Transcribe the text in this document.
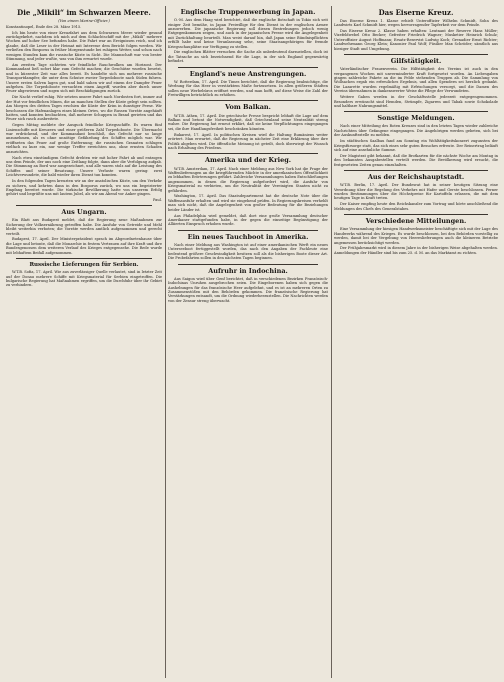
Die „Mikili“ im Schwarzen Meere.
(Von einem Marine-Offizier.)

Konstantinopel, Ende des 28. März 1915.

Ich bin heute von einer Kreuzfahrt aus dem Schwarzen Meere wieder gesund zurückgekehrt, nachdem ich mich auf dem Schlachtschiff mit der „Mikili“ mehrere Wochen auf hoher See befunden habe. Die Fahrt war an Ereignissen reich, und ich glaube, daß die Leser in der Heimat mit Interesse dem Bericht folgen werden. Wir verließen den Bosporus in früher Morgenstunde bei ruhigem Wetter, und schon nach wenigen Stunden kam die russische Küste in Sicht. Die Mannschaft war von bester Stimmung, und jeder wußte, was von ihm erwartet wurde.

Am zweiten Tage sichteten wir feindliche Rauchwolken am Horizont. Der Kommandant ließ sofort klar zum Gefecht machen; die Geschütze wurden besetzt, und in kürzester Zeit war alles bereit. Es handelte sich um mehrere russische Transportdampfer, die unter dem Schutze zweier Torpedoboote nach Süden fuhren. Unsere ersten Salven lagen gut, und bald sahen wir auf einem der Dampfer Feuer aufgehen. Die Torpedoboote versuchten einen Angriff, wurden aber durch unser Feuer abgewiesen und zogen sich mit Beschädigungen zurück.

Die Nacht verlief ruhig. Wir setzten unsere Fahrt nach Nordosten fort, immer auf der Hut vor feindlichen Minen, die an manchen Stellen der Küste gelegt sein sollten. Am Morgen des dritten Tages erschien die Küste der Krim in dunstiger Ferne. Wir beschossen die Hafenanlagen eines kleinen Ortes, wo die Russen Vorräte angehäuft hatten, und konnten beobachten, daß mehrere Schuppen in Brand gerieten und das Feuer sich rasch ausbreitete.

Gegen Mittag meldete der Ausguck feindliche Kriegsschiffe. Es waren fünf Linienschiffe mit Kreuzern und einer größeren Zahl Torpedoboote. Die Übermacht war erdrückend, und der Kommandant beschloß, das Gefecht nur so lange anzunehmen, als es ohne unnötige Gefährdung des Schiffes möglich war. Wir eröffneten das Feuer auf große Entfernung; die russischen Granaten schlugen vielfach zu kurz ein, nur wenige Treffer erreichten uns, ohne ernsten Schaden anzurichten.

Nach etwa einstündigem Gefecht drehten wir mit hoher Fahrt ab und entzogen uns dem Feinde, der uns noch eine Zeitlang folgte, dann aber die Verfolgung aufgab. Die Stimmung an Bord war ausgezeichnet, und alle waren stolz auf die Leistung des Schiffes und seiner Besatzung. Unsere Verluste waren gering: zwei Leichtverwundete, die bald wieder ihren Dienst tun konnten.

In den folgenden Tagen kreuzten wir an der anatolischen Küste, um den Verkehr zu sichern, und kehrten dann in den Bosporus zurück, wo uns ein begeisterter Empfang bereitet wurde. Die türkische Bevölkerung hatte von unserem Erfolg gehört und begrüßte uns mit lautem Jubel, als wir am Abend vor Anker gingen.

Paul.
Aus Ungarn.

Ein Blatt aus Budapest meldet, daß die Regierung neue Maßnahmen zur Sicherung der Volksernährung getroffen habe. Die Ausfuhr von Getreide und Mehl bleibt weiterhin verboten; die Vorräte werden amtlich aufgenommen und gerecht verteilt.

Budapest, 17. April. Der Ministerpräsident sprach im Abgeordnetenhause über die Lage und betonte, daß die Monarchie in festem Vertrauen auf ihre Kraft und ihre Bundesgenossen dem weiteren Verlauf des Krieges entgegensehe. Die Rede wurde mit lebhaftem Beifall aufgenommen.

Russische Lieferungen für Serbien.

W.T.B. Sofia, 17. April. Wie aus zuverlässiger Quelle verlautet, sind in letzter Zeit auf der Donau mehrere Schiffe mit Kriegsmaterial für Serbien eingetroffen. Die bulgarische Regierung hat Maßnahmen ergriffen, um die Durchfuhr über ihr Gebiet zu verhindern.

Englische Truppenwerbung in Japan.

O.-M. Aus dem Haag wird berichtet, daß die englische Botschaft in Tokio sich seit einiger Zeit bemühe, in Japan Freiwillige für den Dienst in der englischen Armee anzuwerben. Die japanische Regierung soll diesen Bestrebungen jedoch wenig Entgegenkommen zeigen, und auch in der japanischen Presse wird die Angelegenheit mit Zurückhaltung beurteilt. Man weist darauf hin, daß Japan seine Bündnispflichten erfüllt habe und keine Veranlassung sehe, seine Staatsangehörigen für fremde Kriegsschauplätze zur Verfügung zu stellen.

Die englischen Blätter versuchen die Sache als unbedeutend darzustellen, doch ist die Tatsache an sich bezeichnend für die Lage, in der sich England gegenwärtig befindet.

England's neue Anstrengungen.

W. Rotterdam, 17. April. Die Times berichtet, daß die Regierung beabsichtige, die Werbung für das Heer in verstärktem Maße fortzusetzen. In allen größeren Städten sollen neue Werbebüros eröffnet werden, und man hofft, auf diese Weise die Zahl der Freiwilligen beträchtlich zu erhöhen.

Vom Balkan.

W.T.B. Athen, 17. April. Die griechische Presse bespricht lebhaft die Lage auf dem Balkan und betont die Notwendigkeit, daß Griechenland seine Neutralität streng wahre. Die Regierung hat erneut erklärt, daß sie keine Verpflichtungen eingegangen sei, die ihre Handlungsfreiheit beschränken könnten.

Bukarest, 17. April. In politischen Kreisen wird die Haltung Rumäniens weiter erörtert. Man erwartet, daß die Regierung in nächster Zeit eine Erklärung über ihre Politik abgeben wird. Die öffentliche Meinung ist geteilt, doch überwiegt der Wunsch nach Erhaltung des Friedens.

Amerika und der Krieg.

W.T.B. Amsterdam, 17. April. Nach einer Meldung aus New York hat die Frage der Waffenlieferungen an die kriegführenden Mächte in der amerikanischen Öffentlichkeit zu lebhaften Erörterungen geführt. Zahlreiche Versammlungen haben Entschließungen angenommen, in denen die Regierung aufgefordert wird, die Ausfuhr von Kriegsmaterial zu verbieten, um die Neutralität der Vereinigten Staaten nicht zu gefährden.

Washington, 17. April. Das Staatsdepartement hat die deutsche Note über die Waffenausfuhr erhalten und wird sie eingehend prüfen. In Regierungskreisen verhehlt man sich nicht, daß die Angelegenheit von großer Bedeutung für die Beziehungen beider Länder ist.

Aus Philadelphia wird gemeldet, daß dort eine große Versammlung deutscher Amerikaner stattgefunden habe, in der gegen die einseitige Begünstigung der Alliierten Einspruch erhoben wurde.

Ein neues Tauchboot in Amerika.

Nach einer Meldung aus Washington ist auf einer amerikanischen Werft ein neues Unterseeboot fertiggestellt worden, das nach den Angaben der Fachleute eine bedeutend größere Geschwindigkeit besitzen soll als die bisherigen Boote dieser Art. Die Probefahrten sollen in den nächsten Tagen beginnen.

Aufruhr in Indochina.

Aus Saigon wird über Genf berichtet, daß in verschiedenen Bezirken Französisch-Indochinas Unruhen ausgebrochen seien. Die Eingeborenen haben sich gegen die Aushebungen für das französische Heer aufgelehnt, und es ist an mehreren Orten zu Zusammenstößen mit den Behörden gekommen. Die französische Regierung hat Verstärkungen entsandt, um die Ordnung wiederherzustellen. Die Nachrichten werden von der Zensur streng überwacht.

Das Eiserne Kreuz.

Das Eiserne Kreuz 1. Klasse erhielt Unteroffizier Wilhelm Schmidt, Sohn des Landwirts Karl Schmidt hier, wegen hervorragender Tapferkeit vor dem Feinde.

Das Eiserne Kreuz 2. Klasse haben erhalten: Leutnant der Reserve Hans Müller; Vizefeldwebel Otto Becker; Gefreiter Friedrich Wagner; Musketier Heinrich Schulz; Unteroffizier August Hoffmann; Ersatz-Reservist Ludwig Koch; Grenadier Ernst Richter; Landwehrmann Georg Klein; Kanonier Paul Wolf; Füsilier Max Schröder; sämtlich aus hiesiger Stadt und Umgebung.

Gilfstätigkeit.

Vaterländischer Frauenverein. Die Hilfstätigkeit des Vereins ist auch in den vergangenen Wochen mit unverminderter Kraft fortgesetzt worden. An Liebesgaben gingen zahlreiche Pakete an die im Felde stehenden Truppen ab. Die Sammlung von Wollsachen ergab ein erfreuliches Ergebnis, und allen Spendern sei herzlich gedankt. Die Lazarette wurden regelmäßig mit Erfrischungen versorgt, und die Damen des Vereins übernahmen in dankenswerter Weise die Pflege der Verwundeten.

Weitere Gaben werden in der Geschäftsstelle jederzeit entgegengenommen. Besonders erwünscht sind Hemden, Strümpfe, Zigarren und Tabak sowie Schokolade und haltbare Nahrungsmittel.

Sonstige Meldungen.

Nach einer Mitteilung des Roten Kreuzes sind in den letzten Tagen wieder zahlreiche Nachrichten über Gefangene eingegangen. Die Angehörigen werden gebeten, sich bei der Auskunftsstelle zu melden.

Im städtischen Saalbau fand am Sonntag ein Wohltätigkeitskonzert zugunsten der Kriegsfürsorge statt, das sich eines sehr guten Besuches erfreute. Der Reinertrag beläuft sich auf eine ansehnliche Summe.

Der Magistrat gibt bekannt, daß die Brotkarten für die nächste Woche am Montag in den bekannten Ausgabestellen verteilt werden. Die Bevölkerung wird ersucht, die festgesetzten Zeiten genau einzuhalten.

Aus der Reichshauptstadt.

W.T.B. Berlin, 17. April. Der Bundesrat hat in seiner heutigen Sitzung eine Verordnung über die Regelung des Verkehrs mit Hafer und Gerste beschlossen. Ferner wurden Bestimmungen über die Höchstpreise für Kartoffeln erlassen, die mit dem heutigen Tage in Kraft treten.

Der Kaiser empfing heute den Reichskanzler zum Vortrag und hörte anschließend die Meldungen des Chefs des Generalstabes.

Verschiedene Mitteilungen.

Eine Versammlung der hiesigen Handwerksmeister beschäftigte sich mit der Lage des Handwerks während des Krieges. Es wurde beschlossen, bei den Behörden vorstellig zu werden, damit bei der Vergebung von Heereslieferungen auch die kleineren Betriebe angemessen berücksichtigt werden.

Der Frühjahrsmarkt wird in diesem Jahre in der bisherigen Weise abgehalten werden. Anmeldungen der Händler sind bis zum 25. d. M. an das Marktamt zu richten.
